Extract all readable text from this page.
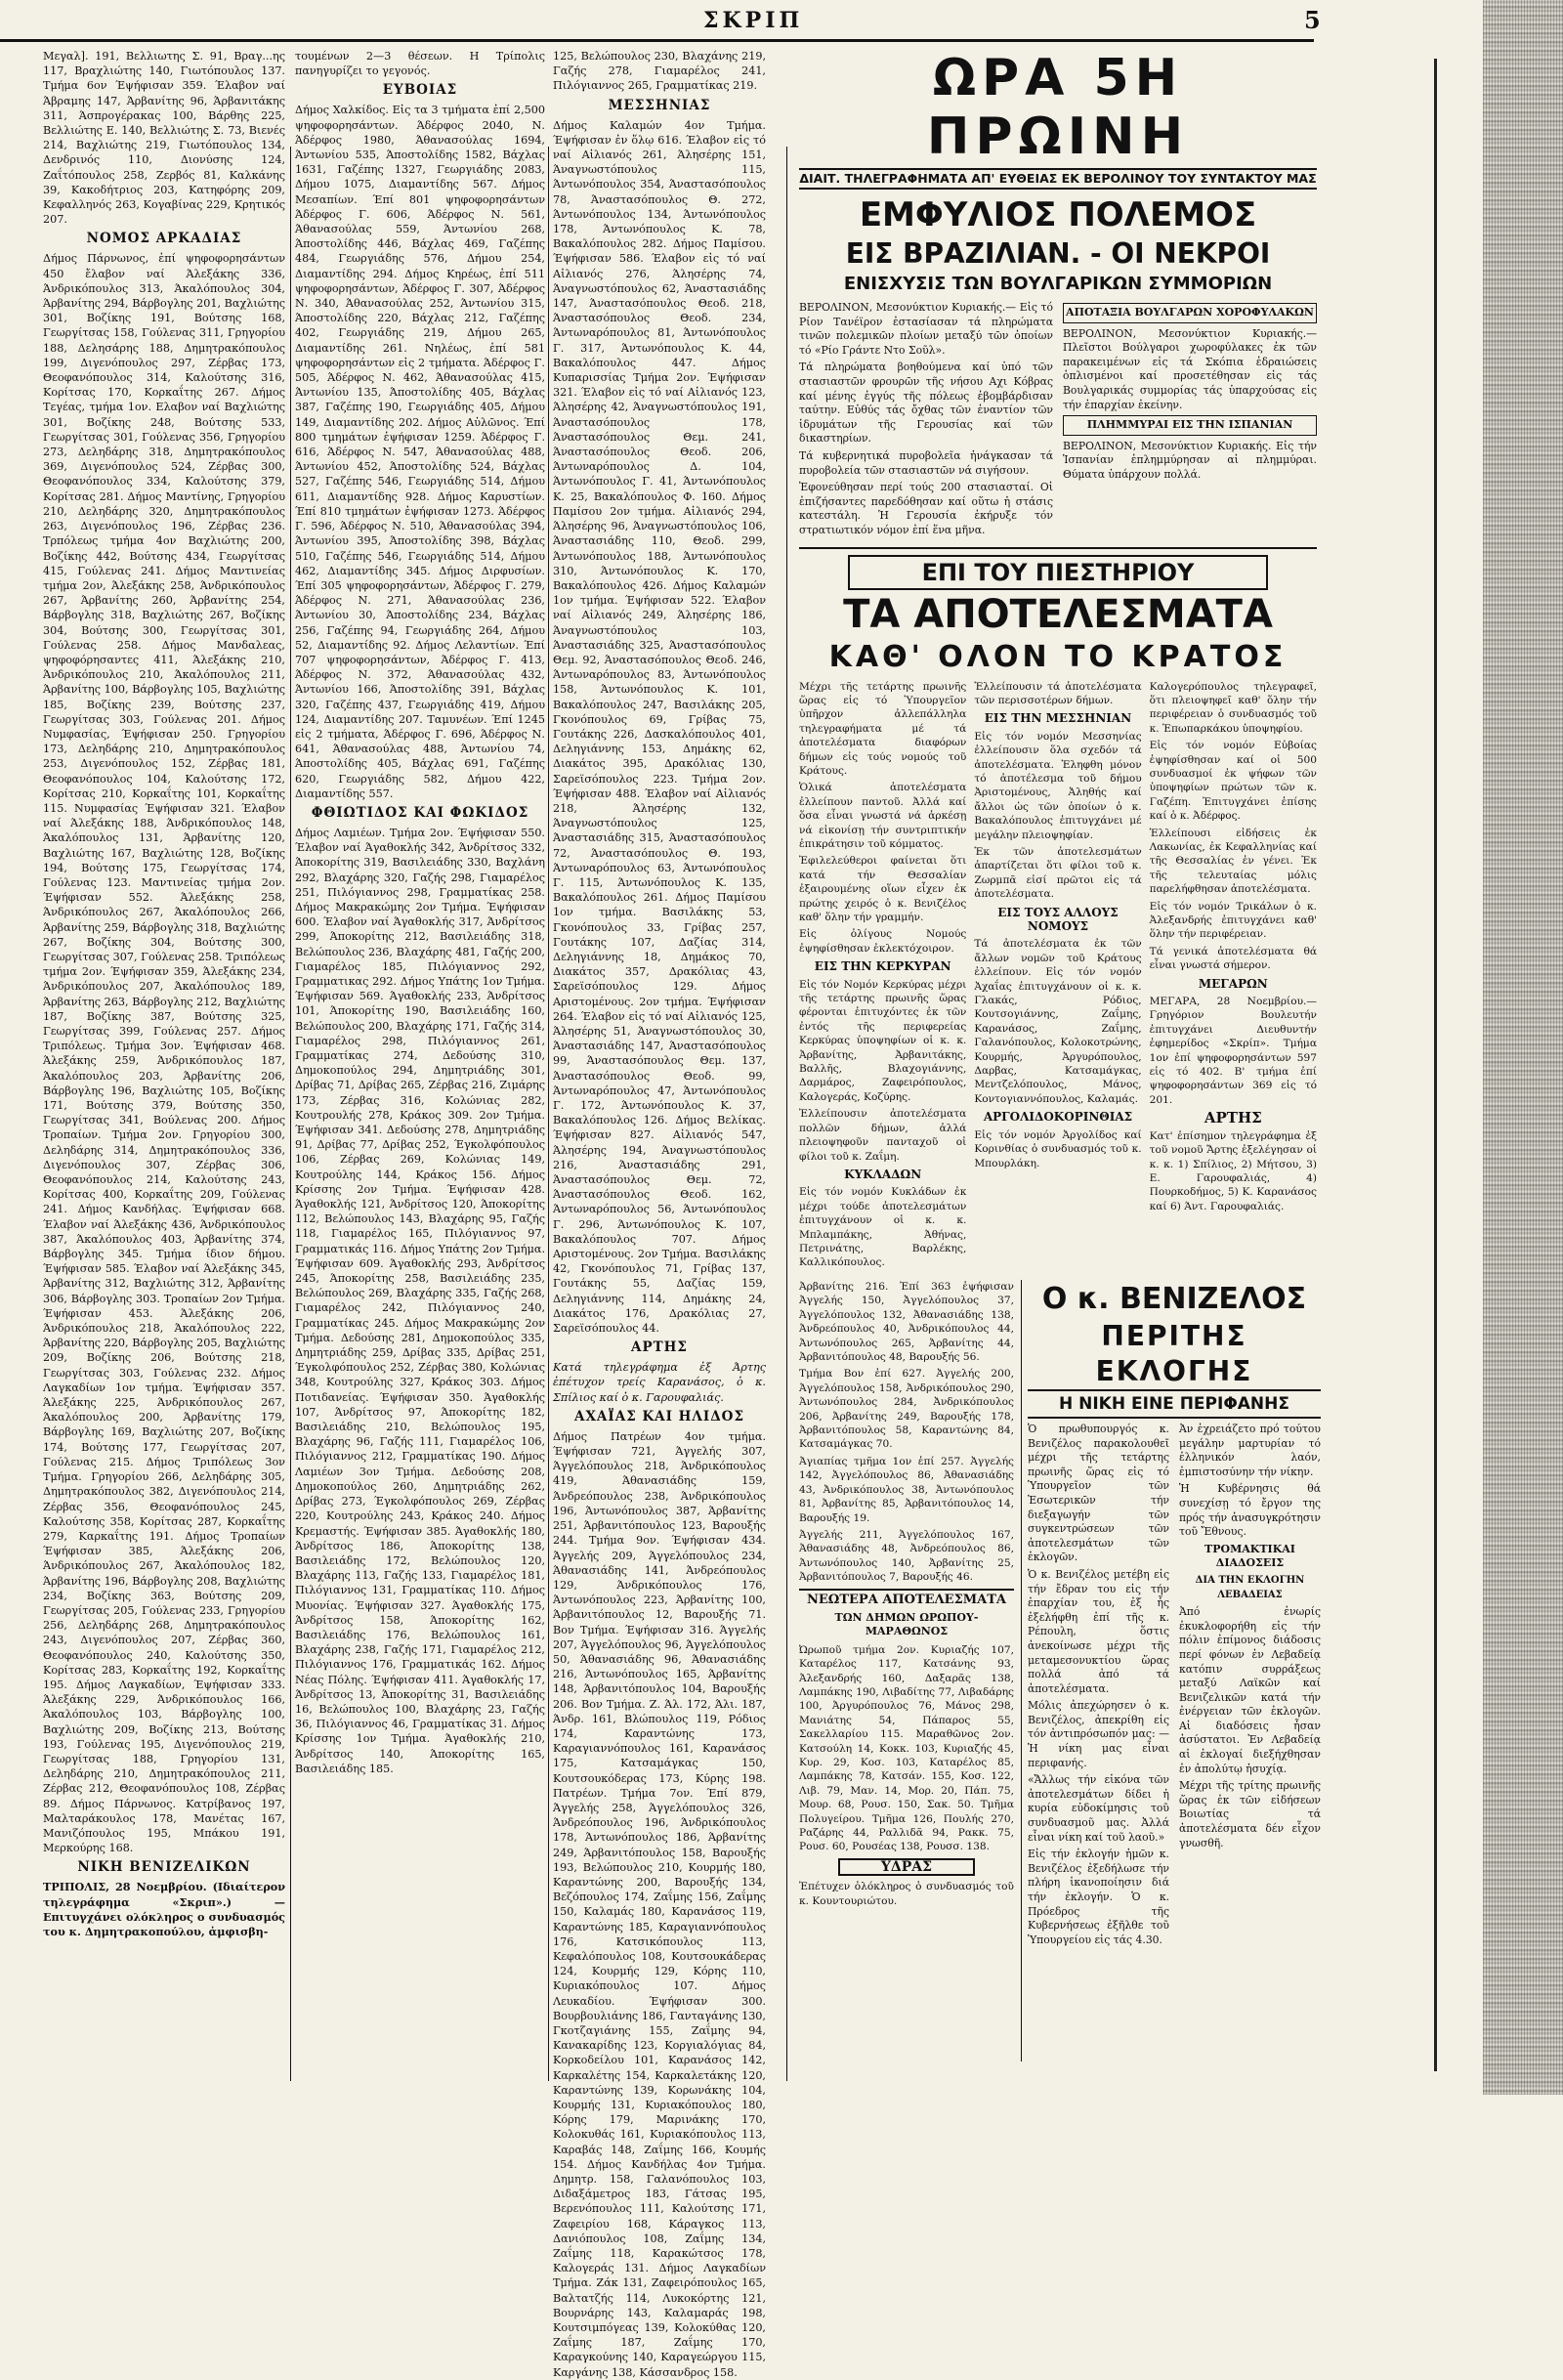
ΣΚΡΙΠ	5

Μεγαλ]. 191, Βελλιωτης Σ. 91, Βραγ...ης 117, Βραχλιώτης 140, Γιωτόπουλος 137. Τμήμα 6ον Έψήφισαν 359. Έλαβον ναί Άβραμης 147, Άρβανίτης 96, Άρβανιτάκης 311, Άσπρογέρακας 100, Βάρθης 225, Βελλιώτης Ε. 140, Βελλιώτης Σ. 73, Βιενές 214, Βαχλιώτης 219, Γιωτόπουλος 134, Δενδρινός 110, Διονύσης 124, Ζαΐτόπουλος 258, Ζερβός 81, Καλκάνης 39, Κακοδήτριος 203, Κατηφόρης 209, Κεφαλληνός 263, Κογαβίνας 229, Κρητικός 207.

ΝΟΜΟΣ ΑΡΚΑΔΙΑΣ

Δήμος Πάρνωνος, ἐπί ψηφοφορησάντων 450 ἔλαβον ναί Άλεξάκης 336, Άνδρικόπουλος 313, Άκαλόπουλος 304, Άρβανίτης 294, Βάρβογλης 201, Βαχλιώτης 301, Βοζίκης 191, Βούτσης 168, Γεωργίτσας 158, Γούλενας 311, Γρηγορίου 188, Δελησάρης 188, Δημητρακόπουλος 199, Διγενόπουλος 297, Ζέρβας 173, Θεοφανόπουλος 314, Καλούτσης 316, Κορίτσας 170, Κορκαΐτης 267. Δήμος Τεγέας, τμήμα 1ον. Ελαβον ναί Βαχλιώτης 301, Βοζίκης 248, Βούτσης 533, Γεωργίτσας 301, Γούλενας 356, Γρηγορίου 273, Δεληδάρης 318, Δημητρακόπουλος 369, Διγενόπουλος 524, Ζέρβας 300, Θεοφανόπουλος 334, Καλούτσης 379, Κορίτσας 281. Δήμος Μαντίνης, Γρηγορίου 210, Δεληδάρης 320, Δημητρακόπουλος 263, Διγενόπουλος 196, Ζέρβας 236. Τρπόλεως τμήμα 4ον Βαχλιώτης 200, Βοζίκης 442, Βούτσης 434, Γεωργίτσας 415, Γούλενας 241. Δήμος Μαντινείας τμήμα 2ον, Άλεξάκης 258, Άνδρικόπουλος 267, Άρβανίτης 260, Άρβανίτης 254, Βάρβογλης 318, Βαχλιώτης 267, Βοζίκης 304, Βούτσης 300, Γεωργίτσας 301, Γούλενας 258. Δήμος Μανδαλεας, ψηφοφόρησαντες 411, Άλεξάκης 210, Άνδρικόπουλος 210, Άκαλόπουλος 211, Άρβανίτης 100, Βάρβογλης 105, Βαχλιώτης 185, Βοζίκης 239, Βούτσης 237, Γεωργίτσας 303, Γούλενας 201. Δήμος Νυμφασίας, Έψήφισαν 250. Γρηγορίου 173, Δεληδάρης 210, Δημητρακόπουλος 253, Διγενόπουλος 152, Ζέρβας 181, Θεοφανόπουλος 104, Καλούτσης 172, Κορίτσας 210, Κορκαΐτης 101, Κορκαΐτης 115. Νυμφασίας Έψήφισαν 321. Έλαβον ναί Άλεξάκης 188, Άνδρικόπουλος 148, Άκαλόπουλος 131, Άρβανίτης 120, Βαχλιώτης 167, Βαχλιώτης 128, Βοζίκης 194, Βούτσης 175, Γεωργίτσας 174, Γούλενας 123. Μαντινείας τμήμα 2ον. Έψήφισαν 552. Άλεξάκης 258, Άνδρικόπουλος 267, Άκαλόπουλος 266, Άρβανίτης 259, Βάρβογλης 318, Βαχλιώτης 267, Βοζίκης 304, Βούτσης 300, Γεωργίτσας 307, Γούλενας 258. Τριπόλεως τμήμα 2ον. Έψήφισαν 359, Άλεξάκης 234, Άνδρικόπουλος 207, Άκαλόπουλος 189, Άρβανίτης 263, Βάρβογλης 212, Βαχλιώτης 187, Βοζίκης 387, Βούτσης 325, Γεωργίτσας 399, Γούλενας 257. Δήμος Τριπόλεως. Τμήμα 3ον. Έψήφισαν 468. Άλεξάκης 259, Άνδρικόπουλος 187, Άκαλόπουλος 203, Άρβανίτης 206, Βάρβογλης 196, Βαχλιώτης 105, Βοζίκης 171, Βούτσης 379, Βούτσης 350, Γεωργίτσας 341, Βούλενας 200. Δήμος Τροπαίων. Τμήμα 2ον. Γρηγορίου 300, Δεληδάρης 314, Δημητρακόπουλος 336, Διγενόπουλος 307, Ζέρβας 306, Θεοφανόπουλος 214, Καλούτσης 243, Κορίτσας 400, Κορκαΐτης 209, Γούλενας 241. Δήμος Κανδήλας. Έψήφισαν 668. Έλαβον ναί Άλεξάκης 436, Άνδρικόπουλος 387, Άκαλόπουλος 403, Άρβανίτης 374, Βάρβογλης 345. Τμήμα ίδιον δήμου. Έψήφισαν 585. Έλαβον ναί Άλεξάκης 345, Άρβανίτης 312, Βαχλιώτης 312, Άρβανίτης 306, Βάρβογλης 303. Τροπαίων 2ον Τμήμα. Έψήφισαν 453. Άλεξάκης 206, Άνδρικόπουλος 218, Άκαλόπουλος 222, Άρβανίτης 220, Βάρβογλης 205, Βαχλιώτης 209, Βοζίκης 206, Βούτσης 218, Γεωργίτσας 303, Γούλενας 232. Δήμος Λαγκαδίων 1ον τμήμα. Έψήφισαν 357. Άλεξάκης 225, Άνδρικόπουλος 267, Άκαλόπουλος 200, Άρβανίτης 179, Βάρβογλης 169, Βαχλιώτης 207, Βοζίκης 174, Βούτσης 177, Γεωργίτσας 207, Γούλενας 215. Δήμος Τριπόλεως 3ον Τμήμα. Γρηγορίου 266, Δεληδάρης 305, Δημητρακόπουλος 382, Διγενόπουλος 214, Ζέρβας 356, Θεοφανόπουλος 245, Καλούτσης 358, Κορίτσας 287, Κορκαΐτης 279, Καρκαΐτης 191. Δήμος Τροπαίων Έψήφισαν 385, Άλεξάκης 206, Άνδρικόπουλος 267, Άκαλόπουλος 182, Άρβανίτης 196, Βάρβογλης 208, Βαχλιώτης 234, Βοζίκης 363, Βούτσης 209, Γεωργίτσας 205, Γούλενας 233, Γρηγορίου 256, Δεληδάρης 268, Δημητρακόπουλος 243, Διγενόπουλος 207, Ζέρβας 360, Θεοφανόπουλος 240, Καλούτσης 350, Κορίτσας 283, Κορκαΐτης 192, Κορκαΐτης 195. Δήμος Λαγκαδίων, Έψήφισαν 333. Άλεξάκης 229, Άνδρικόπουλος 166, Άκαλόπουλος 103, Βάρβογλης 100, Βαχλιώτης 209, Βοζίκης 213, Βούτσης 193, Γούλενας 195, Διγενόπουλος 219, Γεωργίτσας 188, Γρηγορίου 131, Δεληδάρης 210, Δημητρακόπουλος 211, Ζέρβας 212, Θεοφανόπουλος 108, Ζέρβας 89. Δήμος Πάρνωνος. Κατρίβανος 197, Μαλταράκουλος 178, Μανέτας 167, Μανιζόπουλος 195, Μπάκου 191, Μερκούρης 168.

ΝΙΚΗ ΒΕΝΙΖΕΛΙΚΩΝ

ΤΡΙΠΟΛΙΣ, 28 Νοεμβρίου. (Ιδιαίτερον τηλεγράφημα «Σκριπ».) — Επιτυγχάνει ολόκληρος ο συνδυασμός του κ. Δημητρακοπούλου, ἀμφισβη-

τουμένων 2—3 θέσεων. Η Τρίπολις πανηγυρίζει το γεγονός.

ΕΥΒΟΙΑΣ

Δήμος Χαλκίδος. Εἰς τα 3 τμήματα ἐπί 2,500 ψηφοφορησάντων. Άδέρφος 2040, Ν. Άδέρφος 1980, Άθανασούλας 1694, Άντωνίου 535, Άποστολίδης 1582, Βάχλας 1631, Γαζέπης 1327, Γεωργιάδης 2083, Δήμου 1075, Διαμαντίδης 567. Δήμος Μεσαπίων. Έπί 801 ψηφοφορησάντων Άδέρφος Γ. 606, Άδέρφος Ν. 561, Άθανασούλας 559, Άντωνίου 268, Άποστολίδης 446, Βάχλας 469, Γαζέπης 484, Γεωργιάδης 576, Δήμου 254, Διαμαντίδης 294. Δήμος Κηρέως, ἐπί 511 ψηφοφορησάντων, Άδέρφος Γ. 307, Άδέρφος Ν. 340, Άθανασούλας 252, Άντωνίου 315, Άποστολίδης 220, Βάχλας 212, Γαζέπης 402, Γεωργιάδης 219, Δήμου 265, Διαμαντίδης 261. Νηλέως, ἐπί 581 ψηφοφορησάντων εἰς 2 τμήματα. Άδέρφος Γ. 505, Άδέρφος Ν. 462, Άθανασούλας 415, Άντωνίου 135, Άποστολίδης 405, Βάχλας 387, Γαζέπης 190, Γεωργιάδης 405, Δήμου 149, Διαμαντίδης 202. Δήμος Αὐλῶνος. Έπί 800 τμημάτων ἐψήφισαν 1259. Άδέρφος Γ. 616, Άδέρφος Ν. 547, Άθανασούλας 488, Άντωνίου 452, Άποστολίδης 524, Βάχλας 527, Γαζέπης 546, Γεωργιάδης 514, Δήμου 611, Διαμαντίδης 928. Δήμος Καρυστίων. Έπί 810 τμημάτων ἐψήφισαν 1273. Άδέρφος Γ. 596, Άδέρφος Ν. 510, Άθανασούλας 394, Άντωνίου 395, Άποστολίδης 398, Βάχλας 510, Γαζέπης 546, Γεωργιάδης 514, Δήμου 462, Διαμαντίδης 345. Δήμος Διρφυσίων. Έπί 305 ψηφοφορησάντων, Άδέρφος Γ. 279, Άδέρφος Ν. 271, Άθανασούλας 236, Άντωνίου 30, Άποστολίδης 234, Βάχλας 256, Γαζέπης 94, Γεωργιάδης 264, Δήμου 52, Διαμαντίδης 92. Δήμος Λελαντίων. Έπί 707 ψηφοφορησάντων, Άδέρφος Γ. 413, Άδέρφος Ν. 372, Άθανασούλας 432, Άντωνίου 166, Άποστολίδης 391, Βάχλας 320, Γαζέπης 437, Γεωργιάδης 419, Δήμου 124, Διαμαντίδης 207. Ταμυνέων. Έπί 1245 εἰς 2 τμήματα, Άδέρφος Γ. 696, Άδέρφος Ν. 641, Άθανασούλας 488, Άντωνίου 74, Άποστολίδης 405, Βάχλας 691, Γαζέπης 620, Γεωργιάδης 582, Δήμου 422, Διαμαντίδης 557.

ΦΘΙΩΤΙΔΟΣ ΚΑΙ ΦΩΚΙΔΟΣ

Δήμος Λαμιέων. Τμήμα 2ον. Έψήφισαν 550. Έλαβον ναί Άγαθοκλής 342, Άνδρίτσος 332, Άποκορίτης 319, Βασιλειάδης 330, Βαχλάνη 292, Βλαχάρης 320, Γαζής 298, Γιαμαρέλος 251, Πιλόγιαννος 298, Γραμματίκας 258. Δήμος Μακρακώμης 2ον Τμήμα. Έψήφισαν 600. Έλαβον ναί Άγαθοκλής 317, Άνδρίτσος 299, Άποκορίτης 212, Βασιλειάδης 318, Βελώπουλος 236, Βλαχάρης 481, Γαζής 200, Γιαμαρέλος 185, Πιλόγιαννος 292, Γραμματικας 292. Δήμος Υπάτης 1ον Τμήμα. Έψήφισαν 569. Άγαθοκλής 233, Άνδρίτσος 101, Άποκορίτης 190, Βασιλειάδης 160, Βελώπουλος 200, Βλαχάρης 171, Γαζής 314, Γιαμαρέλος 298, Πιλόγιαννος 261, Γραμματίκας 274, Δεδούσης 310, Δημοκοπούλος 294, Δημητριάδης 301, Δρίβας 71, Δρίβας 265, Ζέρβας 216, Ζιμάρης 173, Ζέρβας 316, Κολώνιας 282, Κουτρουλής 278, Κράκος 309. 2ον Τμήμα. Έψήφισαν 341. Δεδούσης 278, Δημητριάδης 91, Δρίβας 77, Δρίβας 252, Έγκολφόπουλος 106, Ζέρβας 269, Κολώνιας 149, Κουτρούλης 144, Κράκος 156. Δήμος Κρίσσης 2ον Τμήμα. Έψήφισαν 428. Άγαθοκλής 121, Άνδρίτσος 120, Άποκορίτης 112, Βελώπουλος 143, Βλαχάρης 95, Γαζής 118, Γιαμαρέλος 165, Πιλόγιαννος 97, Γραμματικάς 116. Δήμος Υπάτης 2ον Τμήμα. Έψήφισαν 609. Άγαθοκλής 293, Άνδρίτσος 245, Άποκορίτης 258, Βασιλειάδης 235, Βελώπουλος 269, Βλαχάρης 335, Γαζής 268, Γιαμαρέλος 242, Πιλόγιαννος 240, Γραμματίκας 245. Δήμος Μακρακώμης 2ον Τμήμα. Δεδούσης 281, Δημοκοπούλος 335, Δημητριάδης 259, Δρίβας 335, Δρίβας 251, Έγκολφόπουλος 252, Ζέρβας 380, Κολώνιας 348, Κουτρούλης 327, Κράκος 303. Δήμος Ποτιδανείας. Έψήφισαν 350. Άγαθοκλής 107, Άνδρίτσος 97, Άποκορίτης 182, Βασιλειάδης 210, Βελώπουλος 195, Βλαχάρης 96, Γαζής 111, Γιαμαρέλος 106, Πιλόγιαννος 212, Γραμματίκας 190. Δήμος Λαμιέων 3ον Τμήμα. Δεδούσης 208, Δημοκοπούλος 260, Δημητριάδης 262, Δρίβας 273, Έγκολφόπουλος 269, Ζέρβας 220, Κουτρούλης 243, Κράκος 240. Δήμος Κρεμαστής. Έψήφισαν 385. Άγαθοκλής 180, Άνδρίτσος 186, Άποκορίτης 138, Βασιλειάδης 172, Βελώπουλος 120, Βλαχάρης 113, Γαζής 133, Γιαμαρέλος 181, Πιλόγιαννος 131, Γραμματίκας 110. Δήμος Μυονίας. Έψήφισαν 327. Άγαθοκλής 175, Άνδρίτσος 158, Άποκορίτης 162, Βασιλειάδης 176, Βελώπουλος 161, Βλαχάρης 238, Γαζής 171, Γιαμαρέλος 212, Πιλόγιαννος 176, Γραμματικάς 162. Δήμος Νέας Πόλης. Έψήφισαν 411. Άγαθοκλής 17, Άνδρίτσος 13, Άποκορίτης 31, Βασιλειάδης 16, Βελώπουλος 100, Βλαχάρης 23, Γαζής 36, Πιλόγιαννος 46, Γραμματίκας 31. Δήμος Κρίσσης 1ον Τμήμα. Άγαθοκλής 210, Άνδρίτσος 140, Άποκορίτης 165, Βασιλειάδης 185.

125, Βελώπουλος 230, Βλαχάνης 219, Γαζής 278, Γιαμαρέλος 241, Πιλόγιαννος 265, Γραμματίκας 219.

ΜΕΣΣΗΝΙΑΣ

Δήμος Καλαμών 4ον Τμήμα. Έψήφισαν ἐν ὅλῳ 616. Έλαβον εἰς τό ναί Αἰλιανός 261, Άλησέρης 151, Άναγνωστόπουλος 115, Άντωνόπουλος 354, Άναστασόπουλος 78, Άναστασόπουλος Θ. 272, Άντωνόπουλος 134, Άντωνόπουλος 178, Άντωνόπουλος Κ. 78, Βακαλόπουλος 282. Δήμος Παμίσου. Έψήφισαν 586. Έλαβον εἰς τό ναί Αἰλιανός 276, Άλησέρης 74, Άναγνωστόπουλος 62, Άναστασιάδης 147, Άναστασόπουλος Θεοδ. 218, Άναστασόπουλος Θεοδ. 234, Άντωναρόπουλος 81, Άντωνόπουλος Γ. 317, Άντωνόπουλος Κ. 44, Βακαλόπουλος 447. Δήμος Κυπαρισσίας Τμήμα 2ον. Έψήφισαν 321. Έλαβον εἰς τό ναί Αἰλιανός 123, Άλησέρης 42, Άναγνωστόπουλος 191, Άναστασόπουλος 178, Άναστασόπουλος Θεμ. 241, Άναστασόπουλος Θεοδ. 206, Άντωναρόπουλος Δ. 104, Άντωνόπουλος Γ. 41, Άντωνόπουλος Κ. 25, Βακαλόπουλος Φ. 160. Δήμος Παμίσου 2ον τμήμα. Αἰλιανός 294, Άλησέρης 96, Άναγνωστόπουλος 106, Άναστασιάδης 110, Θεοδ. 299, Άντωνόπουλος 188, Άντωνόπουλος 310, Άντωνόπουλος Κ. 170, Βακαλόπουλος 426. Δήμος Καλαμών 1ον τμήμα. Έψήφισαν 522. Έλαβον ναί Αἰλιανός 249, Άλησέρης 186, Άναγνωστόπουλος 103, Άναστασιάδης 325, Άναστασόπουλος Θεμ. 92, Άναστασόπουλος Θεοδ. 246, Άντωναρόπουλος 83, Άντωνόπουλος 158, Άντωνόπουλος Κ. 101, Βακαλόπουλος 247, Βασιλάκης 205, Γκονόπουλος 69, Γρίβας 75, Γουτάκης 226, Δασκαλόπουλος 401, Δεληγιάννης 153, Δημάκης 62, Διακάτος 395, Δρακόλιας 130, Σαρεϊσόπουλος 223. Τμήμα 2ον. Έψήφισαν 488. Έλαβον ναί Αἰλιανός 218, Άλησέρης 132, Άναγνωστόπουλος 125, Άναστασιάδης 315, Άναστασόπουλος 72, Άναστασόπουλος Θ. 193, Άντωναρόπουλος 63, Άντωνόπουλος Γ. 115, Άντωνόπουλος Κ. 135, Βακαλόπουλος 261. Δήμος Παμίσου 1ον τμήμα. Βασιλάκης 53, Γκονόπουλος 33, Γρίβας 257, Γουτάκης 107, Δαζίας 314, Δεληγιάννης 18, Δημάκος 70, Διακάτος 357, Δρακόλιας 43, Σαρεϊσόπουλος 129. Δήμος Αριστομένους. 2ον τμήμα. Έψήφισαν 264. Έλαβον εἰς τό ναί Αἰλιανός 125, Άλησέρης 51, Άναγνωστόπουλος 30, Άναστασιάδης 147, Άναστασόπουλος 99, Άναστασόπουλος Θεμ. 137, Άναστασόπουλος Θεοδ. 99, Άντωναρόπουλος 47, Άντωνόπουλος Γ. 172, Άντωνόπουλος Κ. 37, Βακαλόπουλος 126. Δήμος Βελίκας. Έψήφισαν 827. Αἰλιανός 547, Άλησέρης 194, Άναγνωστόπουλος 216, Άναστασιάδης 291, Άναστασόπουλος Θεμ. 72, Άναστασόπουλος Θεοδ. 162, Άντωναρόπουλος 56, Άντωνόπουλος Γ. 296, Άντωνόπουλος Κ. 107, Βακαλόπουλος 707. Δήμος Αριστομένους. 2ον Τμήμα. Βασιλάκης 42, Γκονόπουλος 71, Γρίβας 137, Γουτάκης 55, Δαζίας 159, Δεληγιάννης 114, Δημάκης 24, Διακάτος 176, Δρακόλιας 27, Σαρεϊσόπουλος 44.

ΑΡΤΗΣ

Κατά τηλεγράφημα ἐξ Άρτης ἐπέτυχον τρείς Καρανάσος, ὁ κ. Σπίλιος καί ὁ κ. Γαρουφαλιάς.

ΑΧΑΪΑΣ ΚΑΙ ΗΛΙΔΟΣ

Δήμος Πατρέων 4ον τμήμα. Έψήφισαν 721, Άγγελής 307, Άγγελόπουλος 218, Άνδρικόπουλος 419, Άθανασιάδης 159, Άνδρεόπουλος 238, Άνδρικόπουλος 196, Άντωνόπουλος 387, Άρβανίτης 251, Άρβανιτόπουλος 123, Βαρουξής 244. Τμήμα 9ον. Έψήφισαν 434. Άγγελής 209, Άγγελόπουλος 234, Άθανασιάδης 141, Άνδρεόπουλος 129, Άνδρικόπουλος 176, Άντωνόπουλος 223, Άρβανίτης 100, Άρβανιτόπουλος 12, Βαρουξής 71. Βον Τμήμα. Έψήφισαν 316. Άγγελής 207, Άγγελόπουλος 96, Άγγελόπουλος 50, Άθανασιάδης 96, Άθανασιάδης 216, Άντωνόπουλος 165, Άρβανίτης 148, Άρβανιτόπουλος 104, Βαρουξής 206. Βον Τμήμα. Ζ. Άλ. 172, Άλι. 187, Άνδρ. 161, Βλώπουλος 119, Ρόδιος 174, Καραντώνης 173, Καραγιαννόπουλος 161, Καρανάσος 175, Κατσαμάγκας 150, Κουτσουκόδερας 173, Κύρης 198. Πατρέων. Τμήμα 7ον. Έπί 879, Άγγελής 258, Άγγελόπουλος 326, Άνδρεόπουλος 196, Άνδρικόπουλος 178, Άντωνόπουλος 186, Άρβανίτης 249, Άρβανιτόπουλος 158, Βαρουξής 193, Βελώπουλος 210, Κουρμής 180, Καραντώνης 200, Βαρουξής 134, Βεζόπουλος 174, Ζαΐμης 156, Ζαΐμης 150, Καλαμάς 180, Καρανάσος 119, Καραντώνης 185, Καραγιαννόπουλος 176, Κατσικόπουλος 113, Κεφαλόπουλος 108, Κουτσουκάδερας 124, Κουρμής 129, Κόρης 110, Κυριακόπουλος 107. Δήμος Λευκαδίου. Έψήφισαν 300. Βουρβουλιάνης 186, Γανταγάνης 130, Γκοτζαγιάνης 155, Ζαΐμης 94, Κανακαρίδης 123, Κοργιαλόγιας 84, Κορκοδείλου 101, Καρανάσος 142, Καρκαλέτης 154, Καρκαλετάκης 120, Καραντώνης 139, Κορωνάκης 104, Κουρμής 131, Κυριακόπουλος 180, Κόρης 179, Μαρινάκης 170, Κολοκυθάς 161, Κυριακόπουλος 113, Καραβάς 148, Ζαΐμης 166, Κουμής 154. Δήμος Κανδήλας 4ον Τμήμα. Δημητρ. 158, Γαλανόπουλος 103, Διδαξάμετρος 183, Γάτσας 195, Βερενόπουλος 111, Καλούτσης 171, Ζαφειρίου 168, Κάραγκος 113, Δανιόπουλος 108, Ζαΐμης 134, Ζαΐμης 118, Καρακώτσος 178, Καλογεράς 131. Δήμος Λαγκαδίων Τμήμα. Ζάκ 131, Ζαφειρόπουλος 165, Βαλτατζής 114, Λυκοκόρτης 121, Βουρνάρης 143, Καλαμαράς 198, Κουτσιμπόγεας 139, Κολοκύθας 120, Ζαΐμης 187, Ζαΐμης 170, Καραγκούνης 140, Καραγεώργου 115, Καργάνης 138, Κάσσανδρος 158.

ΩΡΑ 5Η ΠΡΩΙΝΗ
ΔΙΑΙΤ. ΤΗΛΕΓΡΑΦΗΜΑΤΑ ΑΠ' ΕΥΘΕΙΑΣ ΕΚ ΒΕΡΟΛΙΝΟΥ ΤΟΥ ΣΥΝΤΑΚΤΟΥ ΜΑΣ
ΕΜΦΥΛΙΟΣ ΠΟΛΕΜΟΣ
ΕΙΣ ΒΡΑΖΙΛΙΑΝ. - ΟΙ ΝΕΚΡΟΙ
ΕΝΙΣΧΥΣΙΣ ΤΩΝ ΒΟΥΛΓΑΡΙΚΩΝ ΣΥΜΜΟΡΙΩΝ

ΒΕΡΟΛΙΝΟΝ, Μεσονύκτιον Κυριακής.— Εἰς τό Ρίον Τανέϊρον ἐστασίασαν τά πληρώματα τινῶν πολεμικῶν πλοίων μεταξύ τῶν ὁποίων τό «Ρίο Γράντε Ντο Σοῦλ».

Τά πληρώματα βοηθούμενα καί ὑπό τῶν στασιαστῶν φρουρῶν τῆς νήσου Αχι Κόβρας καί μένης ἐγγύς τῆς πόλεως ἐβομβάρδισαν ταύτην. Εὐθύς τάς ὄχθας τῶν ἐναντίον τῶν ἱδρυμάτων τῆς Γερουσίας καί τῶν δικαστηρίων.

Τά κυβερνητικά πυροβολεῖα ἠνάγκασαν τά πυροβολεία τῶν στασιαστῶν νά σιγήσουν.

Ἐφονεύθησαν περί τούς 200 στασιασταί. Οἱ ἐπιζήσαντες παρεδόθησαν καί οὕτω ἡ στάσις κατεστάλη. Ἡ Γερουσία ἐκήρυξε τόν στρατιωτικόν νόμον ἐπί ἕνα μῆνα.

ΑΠΟΤΑΞΙΑ ΒΟΥΛΓΑΡΩΝ ΧΟΡΟΦΥΛΑΚΩΝ

ΒΕΡΟΛΙΝΟΝ, Μεσονύκτιον Κυριακής.— Πλεῖστοι Βούλγαροι χωροφύλακες ἐκ τῶν παρακειμένων εἰς τά Σκόπια ἐδραιώσεις ὁπλισμένοι καί προσετέθησαν εἰς τάς Βουλγαρικάς συμμορίας τάς ὑπαρχούσας εἰς τήν ἐπαρχίαν ἐκείνην.

ΠΛΗΜΜΥΡΑΙ ΕΙΣ ΤΗΝ ΙΣΠΑΝΙΑΝ

ΒΕΡΟΛΙΝΟΝ, Μεσονύκτιον Κυριακής. Εἰς τήν Ἱσπανίαν ἐπλημμύρησαν αἱ πλημμύραι. Θύματα ὑπάρχουν πολλά.

ΕΠΙ ΤΟΥ ΠΙΕΣΤΗΡΙΟΥ
ΤΑ ΑΠΟΤΕΛΕΣΜΑΤΑ
ΚΑΘ' ΟΛΟΝ ΤΟ ΚΡΑΤΟΣ

Μέχρι τῆς τετάρτης πρωινῆς ὥρας εἰς τό Ὑπουργεῖον ὑπῆρχον ἀλλεπάλληλα τηλεγραφήματα μέ τά ἀποτελέσματα διαφόρων δήμων εἰς τούς νομούς τοῦ Κράτους.

Ὁλικά ἀποτελέσματα ἐλλείπουν παντοῦ. Ἀλλά καί ὅσα εἶναι γνωστά νά ἀρκέσῃ νά εἰκονίσῃ τήν συντριπτικήν ἐπικράτησιν τοῦ κόμματος.

Ἐφιλελεύθεροι φαίνεται ὅτι κατά τήν Θεσσαλίαν ἐξαιρουμένης οἵων εἶχεν ἐκ πρώτης χειρός ὁ κ. Βενιζέλος καθ' ὅλην τήν γραμμήν.

Εἰς ὀλίγους Νομούς ἐψηφίσθησαν ἐκλεκτόχοιρον.

ΕΙΣ ΤΗΝ ΚΕΡΚΥΡΑΝ

Εἰς τόν Νομόν Κερκύρας μέχρι τῆς τετάρτης πρωινῆς ὥρας φέρονται ἐπιτυχόντες ἐκ τῶν ἐντός τῆς περιφερείας Κερκύρας ὑποψηφίων οἱ κ. κ. Ἀρβανίτης, Ἀρβανιτάκης, Βαλλῆς, Βλαχογιάννης, Δαρμάρος, Ζαφειρόπουλος, Καλογεράς, Κοζύρης.

Ἐλλείπουσιν ἀποτελέσματα πολλῶν δήμων, ἀλλά πλειοψηφοῦν πανταχοῦ οἱ φίλοι τοῦ κ. Ζαΐμη.

ΚΥΚΛΑΔΩΝ

Εἰς τόν νομόν Κυκλάδων ἐκ μέχρι τούδε ἀποτελεσμάτων ἐπιτυγχάνουν οἱ κ. κ. Μπλαμπάκης, Ἀθήνας, Πετρινάτης, Βαρλέκης, Καλλικόπουλος.

Ἐλλείπουσιν τά ἀποτελέσματα τῶν περισσοτέρων δήμων.

ΕΙΣ ΤΗΝ ΜΕΣΣΗΝΙΑΝ

Εἰς τόν νομόν Μεσσηνίας ἐλλείπουσιν ὅλα σχεδόν τά ἀποτελέσματα. Ἐληφθη μόνον τό ἀποτέλεσμα τοῦ δήμου Ἀριστομένους, Ἀληθής καί ἄλλοι ὡς τῶν ὁποίων ὁ κ. Βακαλόπουλος ἐπιτυγχάνει μέ μεγάλην πλειοψηφίαν.

Ἐκ τῶν ἀποτελεσμάτων ἀπαρτίζεται ὅτι φίλοι τοῦ κ. Ζωρμπᾶ εἰσί πρῶτοι εἰς τά ἀποτελέσματα.

ΕΙΣ ΤΟΥΣ ΑΛΛΟΥΣ ΝΟΜΟΥΣ

Τά ἀποτελέσματα ἐκ τῶν ἄλλων νομῶν τοῦ Κράτους ἐλλείπουν. Εἰς τόν νομόν Ἀχαΐας ἐπιτυγχάνουν οἱ κ. κ. Γλακάς, Ρόδιος, Κουτσογιάννης, Ζαΐμης, Καρανάσος, Ζαΐμης, Γαλανόπουλος, Κολοκοτρώνης, Κουρμής, Ἀργυρόπουλος, Δαρβας, Κατσαμάγκας, Μεντζελόπουλος, Μάνος, Κοντογιαννόπουλος, Καλαμάς.

ΑΡΓΟΛΙΔΟΚΟΡΙΝΘΙΑΣ

Εἰς τόν νομόν Ἀργολίδος καί Κορινθίας ὁ συνδυασμός τοῦ κ. Μπουρλάκη.

Καλογερόπουλος τηλεγραφεῖ, ὅτι πλειοψηφεῖ καθ' ὅλην τήν περιφέρειαν ὁ συνδυασμός τοῦ κ. Ἐπωπαρκάκου ὑποψηφίου.

Εἰς τόν νομόν Εὐβοίας ἐψηφίσθησαν καί οἱ 500 συνδυασμοί ἐκ ψήφων τῶν ὑποψηφίων πρώτων τῶν κ. Γαζέπη. Ἐπιτυγχάνει ἐπίσης καί ὁ κ. Ἀδέρφος.

Ἐλλείπουσι εἰδήσεις ἐκ Λακωνίας, ἐκ Κεφαλληνίας καί τῆς Θεσσαλίας ἐν γένει. Ἐκ τῆς τελευταίας μόλις παρελήφθησαν ἀποτελέσματα.

Εἰς τόν νομόν Τρικάλων ὁ κ. Ἀλεξανδρής ἐπιτυγχάνει καθ' ὅλην τήν περιφέρειαν.

Τά γενικά ἀποτελέσματα θά εἶναι γνωστά σήμερον.

ΜΕΓΑΡΩΝ

ΜΕΓΑΡΑ, 28 Νοεμβρίου.—Γρηγόριον Βουλευτήν ἐπιτυγχάνει Διευθυντήν ἐφημερίδος «Σκρίπ». Τμήμα 1ον ἐπί ψηφοφορησάντων 597 εἰς τό 402. Β' τμήμα ἐπί ψηφοφορησάντων 369 εἰς τό 201.

ΑΡΤΗΣ

Κατ' ἐπίσημον τηλεγράφημα ἐξ τοῦ νομοῦ Ἄρτης ἐξελέγησαν οἱ κ. κ. 1) Σπίλιος, 2) Μήτσου, 3) Ε. Γαρουφαλιάς, 4) Πουρκοδήμος, 5) Κ. Καρανάσος καί 6) Άντ. Γαρουφαλιάς.

Ἀρβανίτης 216. Ἐπί 363 ἐψήφισαν Ἀγγελής 150, Ἀγγελόπουλος 37, Ἀγγελόπουλος 132, Ἀθανασιάδης 138, Ἀνδρεόπουλος 40, Ἀνδρικόπουλος 44, Ἀντωνόπουλος 265, Ἀρβανίτης 44, Ἀρβανιτόπουλος 48, Βαρουξής 56.

Τμήμα Βον ἐπί 627. Ἀγγελής 200, Ἀγγελόπουλος 158, Ἀνδρικόπουλος 290, Ἀντωνόπουλος 284, Ἀνδρικόπουλος 206, Ἀρβανίτης 249, Βαρουξής 178, Ἀρβανιτόπουλος 58, Καραντώνης 84, Κατσαμάγκας 70.

Ἀγιαπίας τμῆμα 1ον ἐπί 257. Ἀγγελής 142, Ἀγγελόπουλος 86, Ἀθανασιάδης 43, Ἀνδρικόπουλος 38, Ἀντωνόπουλος 81, Ἀρβανίτης 85, Ἀρβανιτόπουλος 14, Βαρουξής 19.

Ἀγγελής 211, Ἀγγελόπουλος 167, Ἀθανασιάδης 48, Ἀνδρεόπουλος 86, Ἀντωνόπουλος 140, Ἀρβανίτης 25, Ἀρβανιτόπουλος 7, Βαρουξής 46.

ΝΕΩΤΕΡΑ ΑΠΟΤΕΛΕΣΜΑΤΑ

ΤΩΝ ΔΗΜΩΝ ΩΡΩΠΟΥ-ΜΑΡΑΘΩΝΟΣ

Ὠρωποῦ τμήμα 2ον. Κυριαζής 107, Καταρέλος 117, Κατσάνης 93, Ἀλεξανδρής 160, Δαξαρᾶς 138, Λαμπάκης 190, Λιβαδίτης 77, Λιβαδάρης 100, Ἀργυρόπουλος 76, Μάνος 298, Μανιάτης 54, Πάπαρος 55, Σακελλαρίου 115. Μαραθῶνος 2ον. Κατσούλη 14, Κοκκ. 103, Κυριαζής 45, Κυρ. 29, Κοσ. 103, Καταρέλος 85, Λαμπάκης 78, Κατσάν. 155, Κοσ. 122, Λιβ. 79, Μαν. 14, Μορ. 20, Πάπ. 75, Μουρ. 68, Ρουσ. 150, Σακ. 50. Τμῆμα Πολυγείρου. Τμῆμα 126, Πουλής 270, Ραζάρης 44, Ραλλιδᾶ 94, Ρακκ. 75, Ρουσ. 60, Ρουσέας 138, Ρουσσ. 138.

ΥΔΡΑΣ

Ἐπέτυχεν ὁλόκληρος ὁ συνδυασμός τοῦ κ. Κουντουριώτου.

Ο κ. ΒΕΝΙΖΕΛΟΣ
ΠΕΡΙΤΗΣ ΕΚΛΟΓΗΣ
Η ΝΙΚΗ ΕΙΝΕ ΠΕΡΙΦΑΝΗΣ

Ὁ πρωθυπουργός κ. Βενιζέλος παρακολουθεῖ μέχρι τῆς τετάρτης πρωινῆς ὥρας εἰς τό Ὑπουργεῖον τῶν Ἐσωτερικῶν τήν διεξαγωγήν τῶν συγκεντρώσεων τῶν ἀποτελεσμάτων τῶν ἐκλογῶν.

Ὁ κ. Βενιζέλος μετέβη εἰς τήν ἔδραν του εἰς τήν ἐπαρχίαν του, ἐξ ἧς ἐξελήφθη ἐπί τῆς κ. Ρέπουλη, ὅστις ἀνεκοίνωσε μέχρι τῆς μεταμεσονυκτίου ὥρας πολλά ἀπό τά ἀποτελέσματα.

Μόλις ἀπεχώρησεν ὁ κ. Βενιζέλος, ἀπεκρίθη εἰς τόν ἀντιπρόσωπόν μας: — Ἡ νίκη μας εἶναι περιφανής.

«Ἄλλως τήν εἰκόνα τῶν ἀποτελεσμάτων δίδει ἡ κυρία εὐδοκίμησις τοῦ συνδυασμοῦ μας. Ἀλλά εἶναι νίκη καί τοῦ λαοῦ.»

Εἰς τήν ἐκλογήν ἡμῶν κ. Βενιζέλος ἐξεδήλωσε τήν πλήρη ἱκανοποίησιν διά τήν ἐκλογήν. Ὁ κ. Πρόεδρος τῆς Κυβερνήσεως ἐξῆλθε τοῦ Ὑπουργείου εἰς τάς 4.30.

Ἀν ἐχρειάζετο πρό τούτου μεγάλην μαρτυρίαν τό ἐλληνικόν λαόν, ἐμπιστοσύνην τήν νίκην.

Ἡ Κυβέρνησις θά συνεχίσῃ τό ἔργον της πρός τήν ἀνασυγκρότησιν τοῦ Ἔθνους.

ΤΡΟΜΑΚΤΙΚΑΙ ΔΙΑΔΟΣΕΙΣ

ΔΙΑ ΤΗΝ ΕΚΛΟΓΗΝ ΛΕΒΑΔΕΙΑΣ

Ἀπό ἐνωρίς ἐκυκλοφορήθη εἰς τήν πόλιν ἐπίμονος διάδοσις περί φόνων ἐν Λεβαδείᾳ κατόπιν συρράξεως μεταξύ Λαϊκῶν καί Βενιζελικῶν κατά τήν ἐνέργειαν τῶν ἐκλογῶν. Αἱ διαδόσεις ἦσαν ἀσύστατοι. Ἐν Λεβαδείᾳ αἱ ἐκλογαί διεξήχθησαν ἐν ἀπολύτῳ ἡσυχίᾳ.

Μέχρι τῆς τρίτης πρωινῆς ὥρας ἐκ τῶν εἰδήσεων Βοιωτίας τά ἀποτελέσματα δέν εἶχον γνωσθῆ.
